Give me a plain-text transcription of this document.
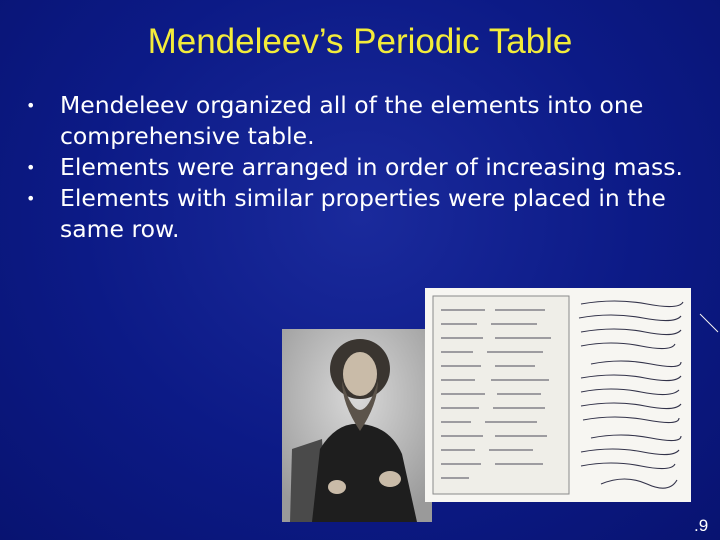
Mendeleev’s Periodic Table
• Mendeleev organized all of the elements into one comprehensive table.
• Elements were arranged in order of increasing mass.
• Elements with similar properties were placed in the same row.
.9
